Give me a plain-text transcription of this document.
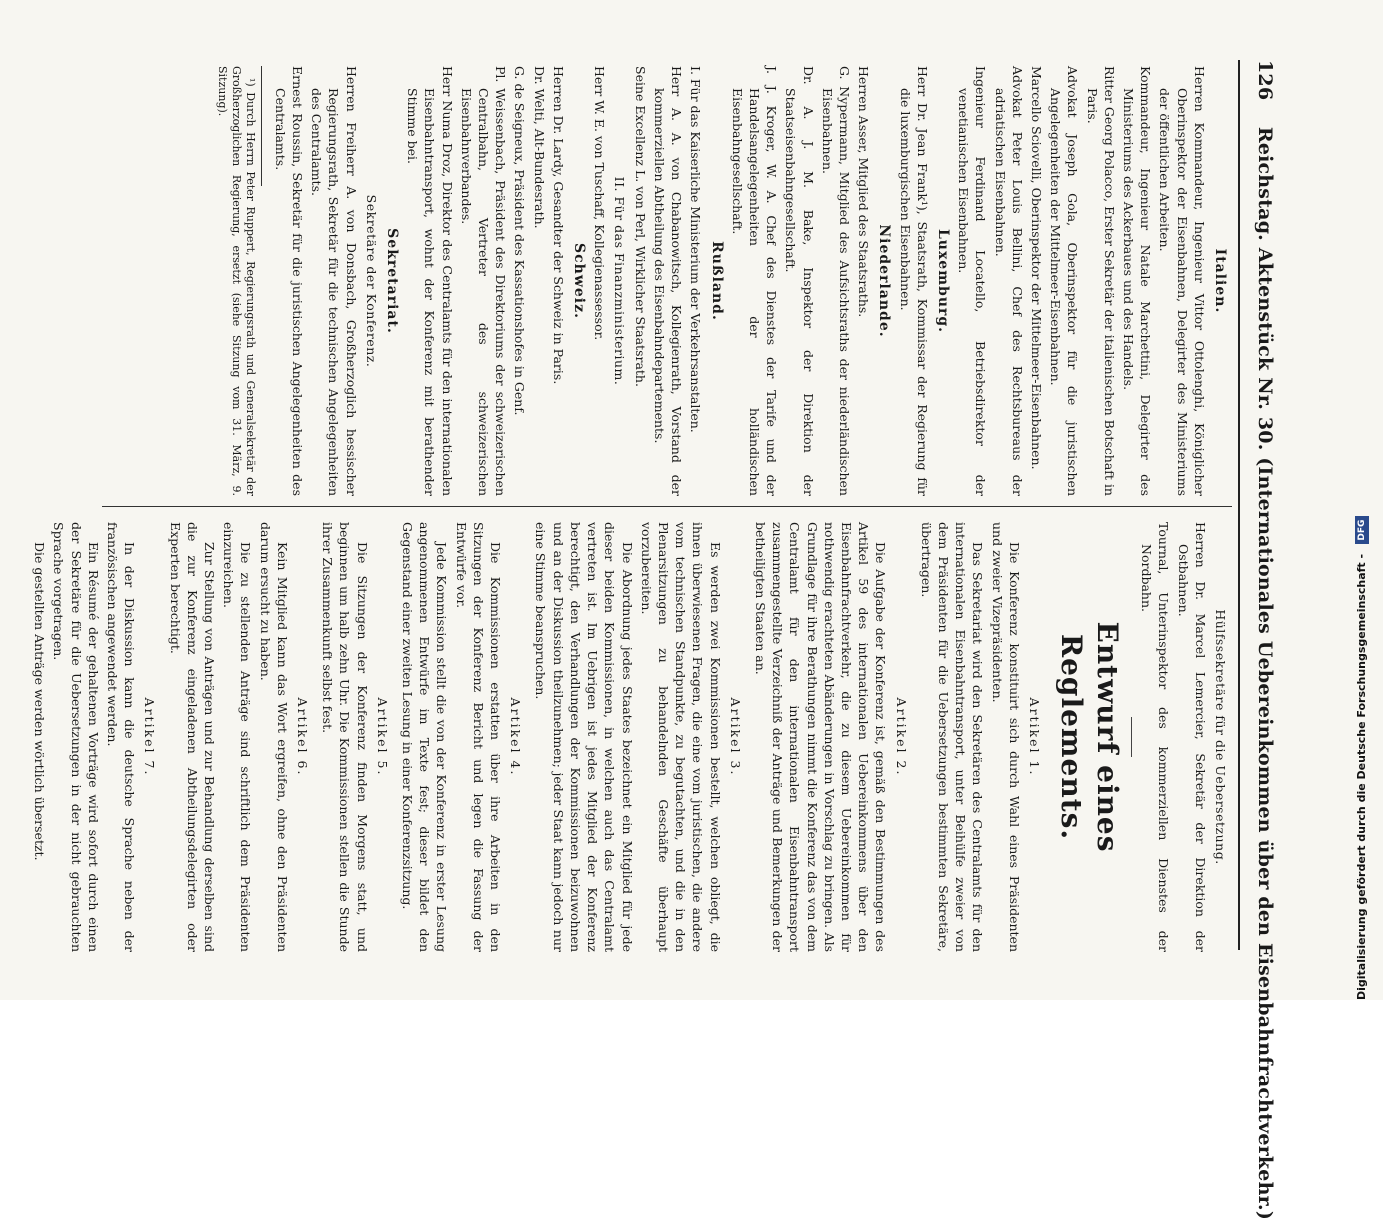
126 Reichstag. Aktenstück Nr. 30. (Internationales Uebereinkommen über den Eisenbahnfrachtverkehr.)
Italien.
Herren Kommandeur, Ingenieur Vittor Ottolenghi, Königlicher Oberinspektor der Eisenbahnen, Delegirter des Ministeriums der öffentlichen Arbeiten.
Kommandeur, Ingenieur Natale Marchettini, Delegirter des Ministeriums des Ackerbaues und des Handels.
Ritter Georg Polacco, Erster Sekretär der italienischen Botschaft in Paris.
Advokat Joseph Gola, Oberinspektor für die juristischen Angelegenheiten der Mittelmeer-Eisenbahnen.
Marcello Sciovelli, Oberinspektor der Mittelmeer-Eisenbahnen.
Advokat Peter Louis Bellini, Chef des Rechtsbureaus der adriatischen Eisenbahnen.
Ingenieur Ferdinand Locatello, Betriebsdirektor der venetianischen Eisenbahnen.
Luxemburg.
Herr Dr. Jean Frank¹), Staatsrath, Kommissar der Regierung für die luxemburgischen Eisenbahnen.
Niederlande.
Herren Asser, Mitglied des Staatsraths.
G. Nypermann, Mitglied des Aufsichtsraths der niederländischen Eisenbahnen.
Dr. A. J. M. Bake, Inspektor der Direktion der Staatseisenbahngesellschaft.
J. J. Kroger, W. A. Chef des Dienstes der Tarife und der Handelsangelegenheiten der holländischen Eisenbahngesellschaft.
Rußland.
I. Für das Kaiserliche Ministerium der Verkehrsanstalten.
Herr A. A. von Chabanowitsch, Kollegienrath, Vorstand der kommerziellen Abtheilung des Eisenbahndepartements.
Seine Excellenz L. von Perl, Wirklicher Staatsrath.
II. Für das Finanzministerium.
Herr W. E. von Tuschaff, Kollegienassessor.
Schweiz.
Herren Dr. Lardy, Gesandter der Schweiz in Paris.
Dr. Welti, Alt-Bundesrath.
G. de Seigneux, Präsident des Kassationshofes in Genf.
Pl. Weissenbach, Präsident des Direktoriums der schweizerischen Centralbahn, Vertreter des schweizerischen Eisenbahnverbandes.
Herr Numa Droz, Direktor des Centralamts für den internationalen Eisenbahntransport, wohnt der Konferenz mit berathender Stimme bei.
Sekretariat.
Sekretäre der Konferenz.
Herren Freiherr A. von Donsbach, Großherzoglich hessischer Regierungsrath, Sekretär für die technischen Angelegenheiten des Centralamts.
Ernest Roussin, Sekretär für die juristischen Angelegenheiten des Centralamts.
¹) Durch Herrn Peter Ruppert, Regierungsrath und Generalsekretär der Großherzoglichen Regierung, ersetzt (siehe Sitzung vom 31. März, 9. Sitzung).
Hülfssekretäre für die Uebersetzung.
Herren Dr. Marcel Lemercier, Sekretär der Direktion der Ostbahnen.
Tournal, Unterinspektor des kommerziellen Dienstes der Nordbahn.
Entwurf eines Reglements.
Artikel 1.
Die Konferenz konstituirt sich durch Wahl eines Präsidenten und zweier Vizepräsidenten.
Das Sekretariat wird den Sekretären des Centralamts für den internationalen Eisenbahntransport, unter Beihülfe zweier von dem Präsidenten für die Uebersetzungen bestimmten Sekretäre, übertragen.
Artikel 2.
Die Aufgabe der Konferenz ist, gemäß den Bestimmungen des Artikel 59 des internationalen Uebereinkommens über den Eisenbahnfrachtverkehr, die zu diesem Uebereinkommen für nothwendig erachteten Abänderungen in Vorschlag zu bringen. Als Grundlage für ihre Berathungen nimmt die Konferenz das von dem Centralamt für den internationalen Eisenbahntransport zusammengestellte Verzeichniß der Anträge und Bemerkungen der betheiligten Staaten an.
Artikel 3.
Es werden zwei Kommissionen bestellt, welchen obliegt, die ihnen überwiesenen Fragen, die eine vom juristischen, die andere vom technischen Standpunkte, zu begutachten, und die in den Plenarsitzungen zu behandelnden Geschäfte überhaupt vorzubereiten.
Die Abordnung jedes Staates bezeichnet ein Mitglied für jede dieser beiden Kommissionen, in welchen auch das Centralamt vertreten ist. Im Uebrigen ist jedes Mitglied der Konferenz berechtigt, den Verhandlungen der Kommissionen beizuwohnen und an der Diskussion theilzunehmen; jeder Staat kann jedoch nur eine Stimme beanspruchen.
Artikel 4.
Die Kommissionen erstatten über ihre Arbeiten in den Sitzungen der Konferenz Bericht und legen die Fassung der Entwürfe vor.
Jede Kommission stellt die von der Konferenz in erster Lesung angenommenen Entwürfe im Texte fest; dieser bildet den Gegenstand einer zweiten Lesung in einer Konferenzsitzung.
Artikel 5.
Die Sitzungen der Konferenz finden Morgens statt, und beginnen um halb zehn Uhr. Die Kommissionen stellen die Stunde ihrer Zusammenkunft selbst fest.
Artikel 6.
Kein Mitglied kann das Wort ergreifen, ohne den Präsidenten darum ersucht zu haben.
Die zu stellenden Anträge sind schriftlich dem Präsidenten einzureichen.
Zur Stellung von Anträgen und zur Behandlung derselben sind die zur Konferenz eingeladenen Abtheilungsdelegirten oder Experten berechtigt.
Artikel 7.
In der Diskussion kann die deutsche Sprache neben der französischen angewendet werden.
Ein Résumé der gehaltenen Vorträge wird sofort durch einen der Sekretäre für die Uebersetzungen in der nicht gebrauchten Sprache vorgetragen.
Die gestellten Anträge werden wörtlich übersetzt.	Digitalisierung gefördert durch die Deutsche Forschungsgemeinschaft - DFG
